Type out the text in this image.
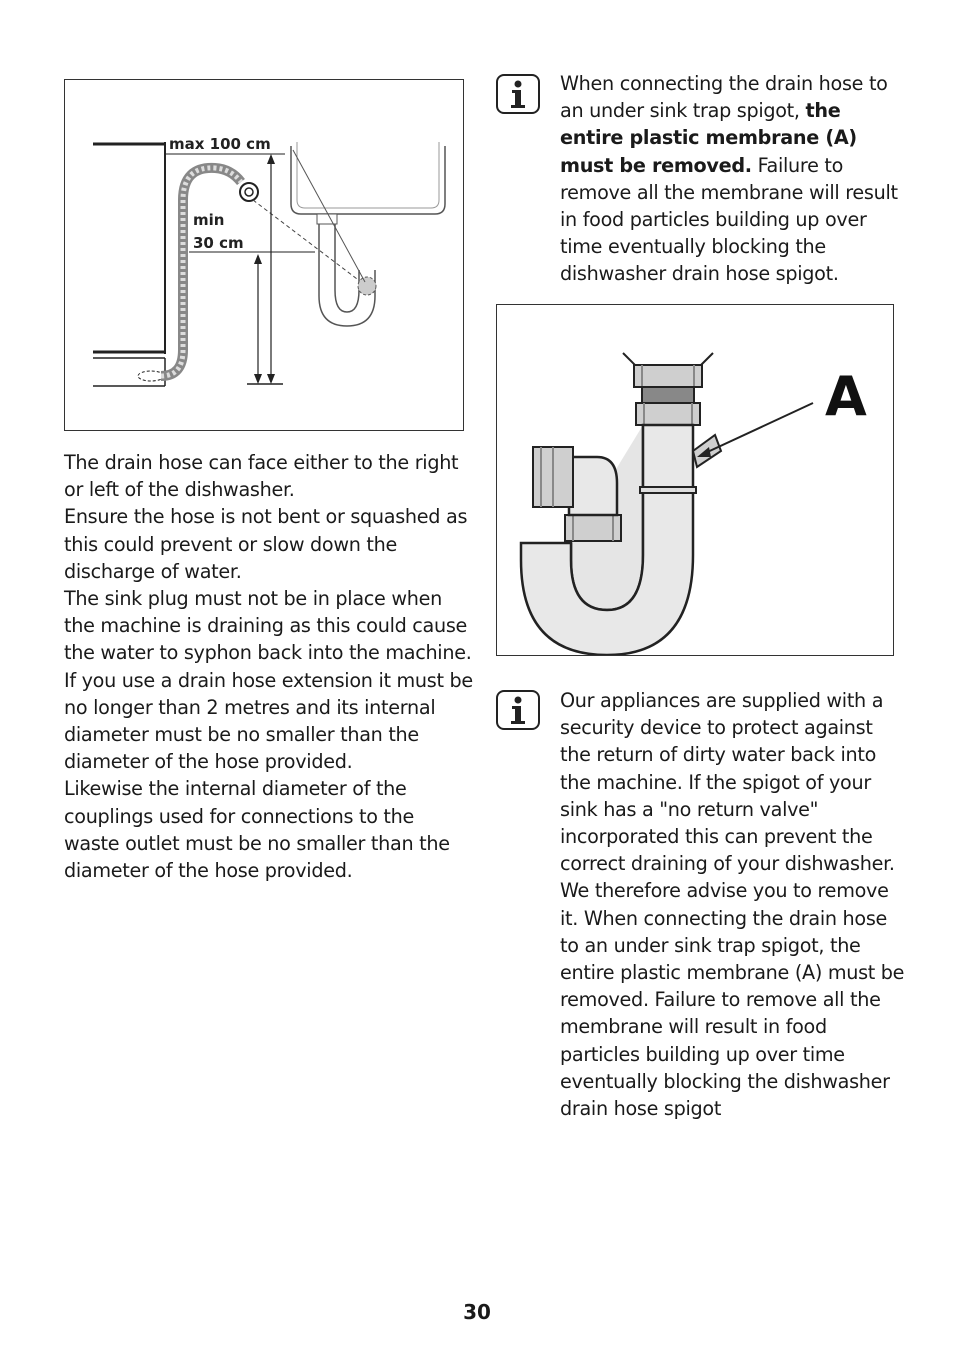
max 100 cm
min
30 cm

The drain hose can face either to the right or left of the dishwasher.

Ensure the hose is not bent or squashed as this could prevent or slow down the discharge of water.

The sink plug must not be in place when the machine is draining as this could cause the water to syphon back into the machine.

If you use a drain hose extension it must be no longer than 2 metres and its internal diameter must be no smaller than the diameter of the hose provided.

Likewise the internal diameter of the couplings used for connections to the waste outlet must be no smaller than the diameter of the hose provided.

When connecting the drain hose to an under sink trap spigot, the entire plastic membrane (A) must be removed. Failure to remove all the membrane will result in food particles building up over time eventually blocking the dishwasher drain hose spigot.

A

Our appliances are supplied with a security device to protect against the return of dirty water back into the machine. If the spigot of your sink has a "no return valve" incorporated this can prevent the correct draining of your dishwasher. We therefore advise you to remove it. When connecting the drain hose to an under sink trap spigot, the entire plastic membrane (A) must be removed. Failure to remove all the membrane will result in food particles building up over time eventually blocking the dishwasher drain hose spigot

30
